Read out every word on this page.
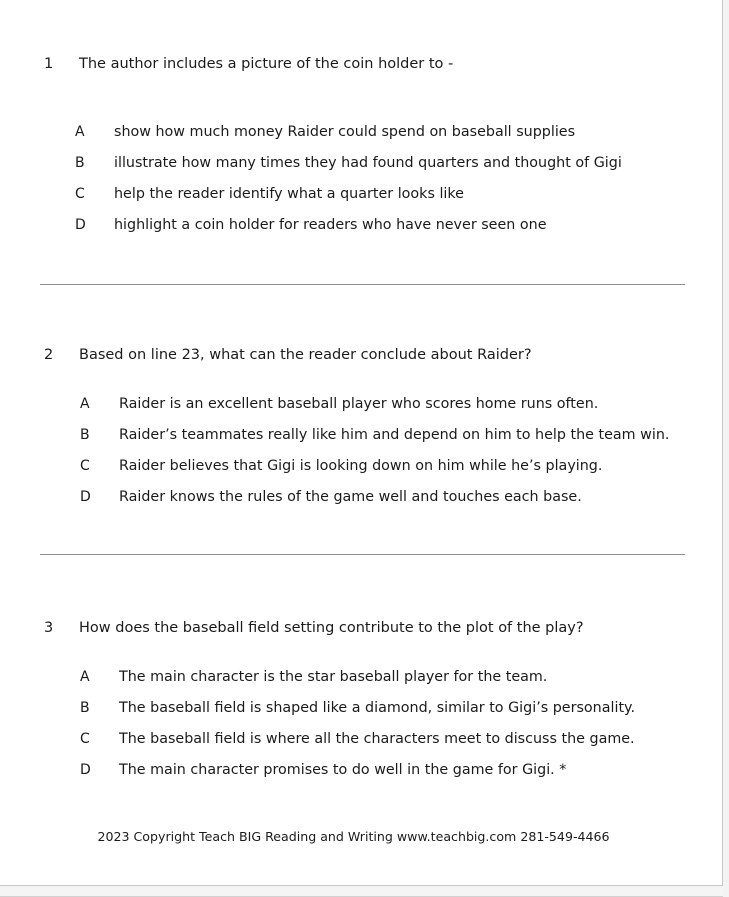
1	The author includes a picture of the coin holder to -
A	show how much money Raider could spend on baseball supplies
B	illustrate how many times they had found quarters and thought of Gigi
C	help the reader identify what a quarter looks like
D	highlight a coin holder for readers who have never seen one
2	Based on line 23, what can the reader conclude about Raider?
A	Raider is an excellent baseball player who scores home runs often.
B	Raider’s teammates really like him and depend on him to help the team win.
C	Raider believes that Gigi is looking down on him while he’s playing.
D	Raider knows the rules of the game well and touches each base.
3	How does the baseball field setting contribute to the plot of the play?
A	The main character is the star baseball player for the team.
B	The baseball field is shaped like a diamond, similar to Gigi’s personality.
C	The baseball field is where all the characters meet to discuss the game.
D	The main character promises to do well in the game for Gigi. *
2023 Copyright Teach BIG Reading and Writing www.teachbig.com 281-549-4466
